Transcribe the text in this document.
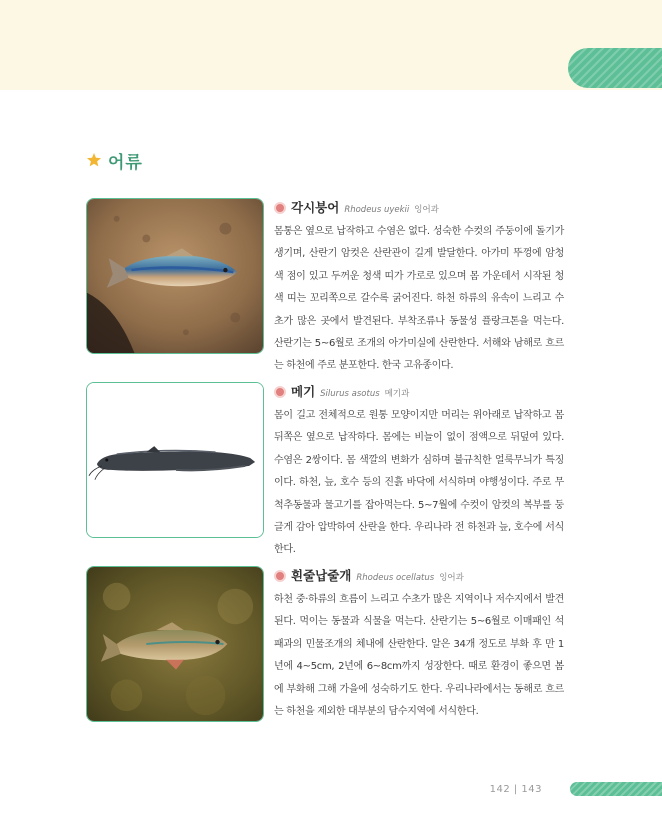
어류
각시붕어 Rhodeus uyekii 잉어과
몸통은 옆으로 납작하고 수염은 없다. 성숙한 수컷의 주둥이에 돌기가 생기며, 산란기 암컷은 산란관이 길게 발달한다. 아가미 뚜껑에 암청색 점이 있고 두꺼운 청색 띠가 가로로 있으며 몸 가운데서 시작된 청색 띠는 꼬리쪽으로 갈수록 굵어진다. 하천 하류의 유속이 느리고 수초가 많은 곳에서 발견된다. 부착조류나 동물성 플랑크톤을 먹는다. 산란기는 5~6월로 조개의 아가미실에 산란한다. 서해와 남해로 흐르는 하천에 주로 분포한다. 한국 고유종이다.
메기 Silurus asotus 메기과
몸이 길고 전체적으로 원통 모양이지만 머리는 위아래로 납작하고 몸 뒤쪽은 옆으로 납작하다. 몸에는 비늘이 없이 점액으로 뒤덮여 있다. 수염은 2쌍이다. 몸 색깔의 변화가 심하며 불규칙한 얼룩무늬가 특징이다. 하천, 늪, 호수 등의 진흙 바닥에 서식하며 야행성이다. 주로 무척추동물과 물고기를 잡아먹는다. 5~7월에 수컷이 암컷의 복부를 둥글게 감아 압박하여 산란을 한다. 우리나라 전 하천과 늪, 호수에 서식한다.
흰줄납줄개 Rhodeus ocellatus 잉어과
하천 중·하류의 흐름이 느리고 수초가 많은 지역이나 저수지에서 발견된다. 먹이는 동물과 식물을 먹는다. 산란기는 5~6월로 이매패인 석패과의 민물조개의 체내에 산란한다. 알은 34개 정도로 부화 후 만 1년에 4~5cm, 2년에 6~8cm까지 성장한다. 때로 환경이 좋으면 봄에 부화해 그해 가을에 성숙하기도 한다. 우리나라에서는 동해로 흐르는 하천을 제외한 대부분의 담수지역에 서식한다.
142 | 143
